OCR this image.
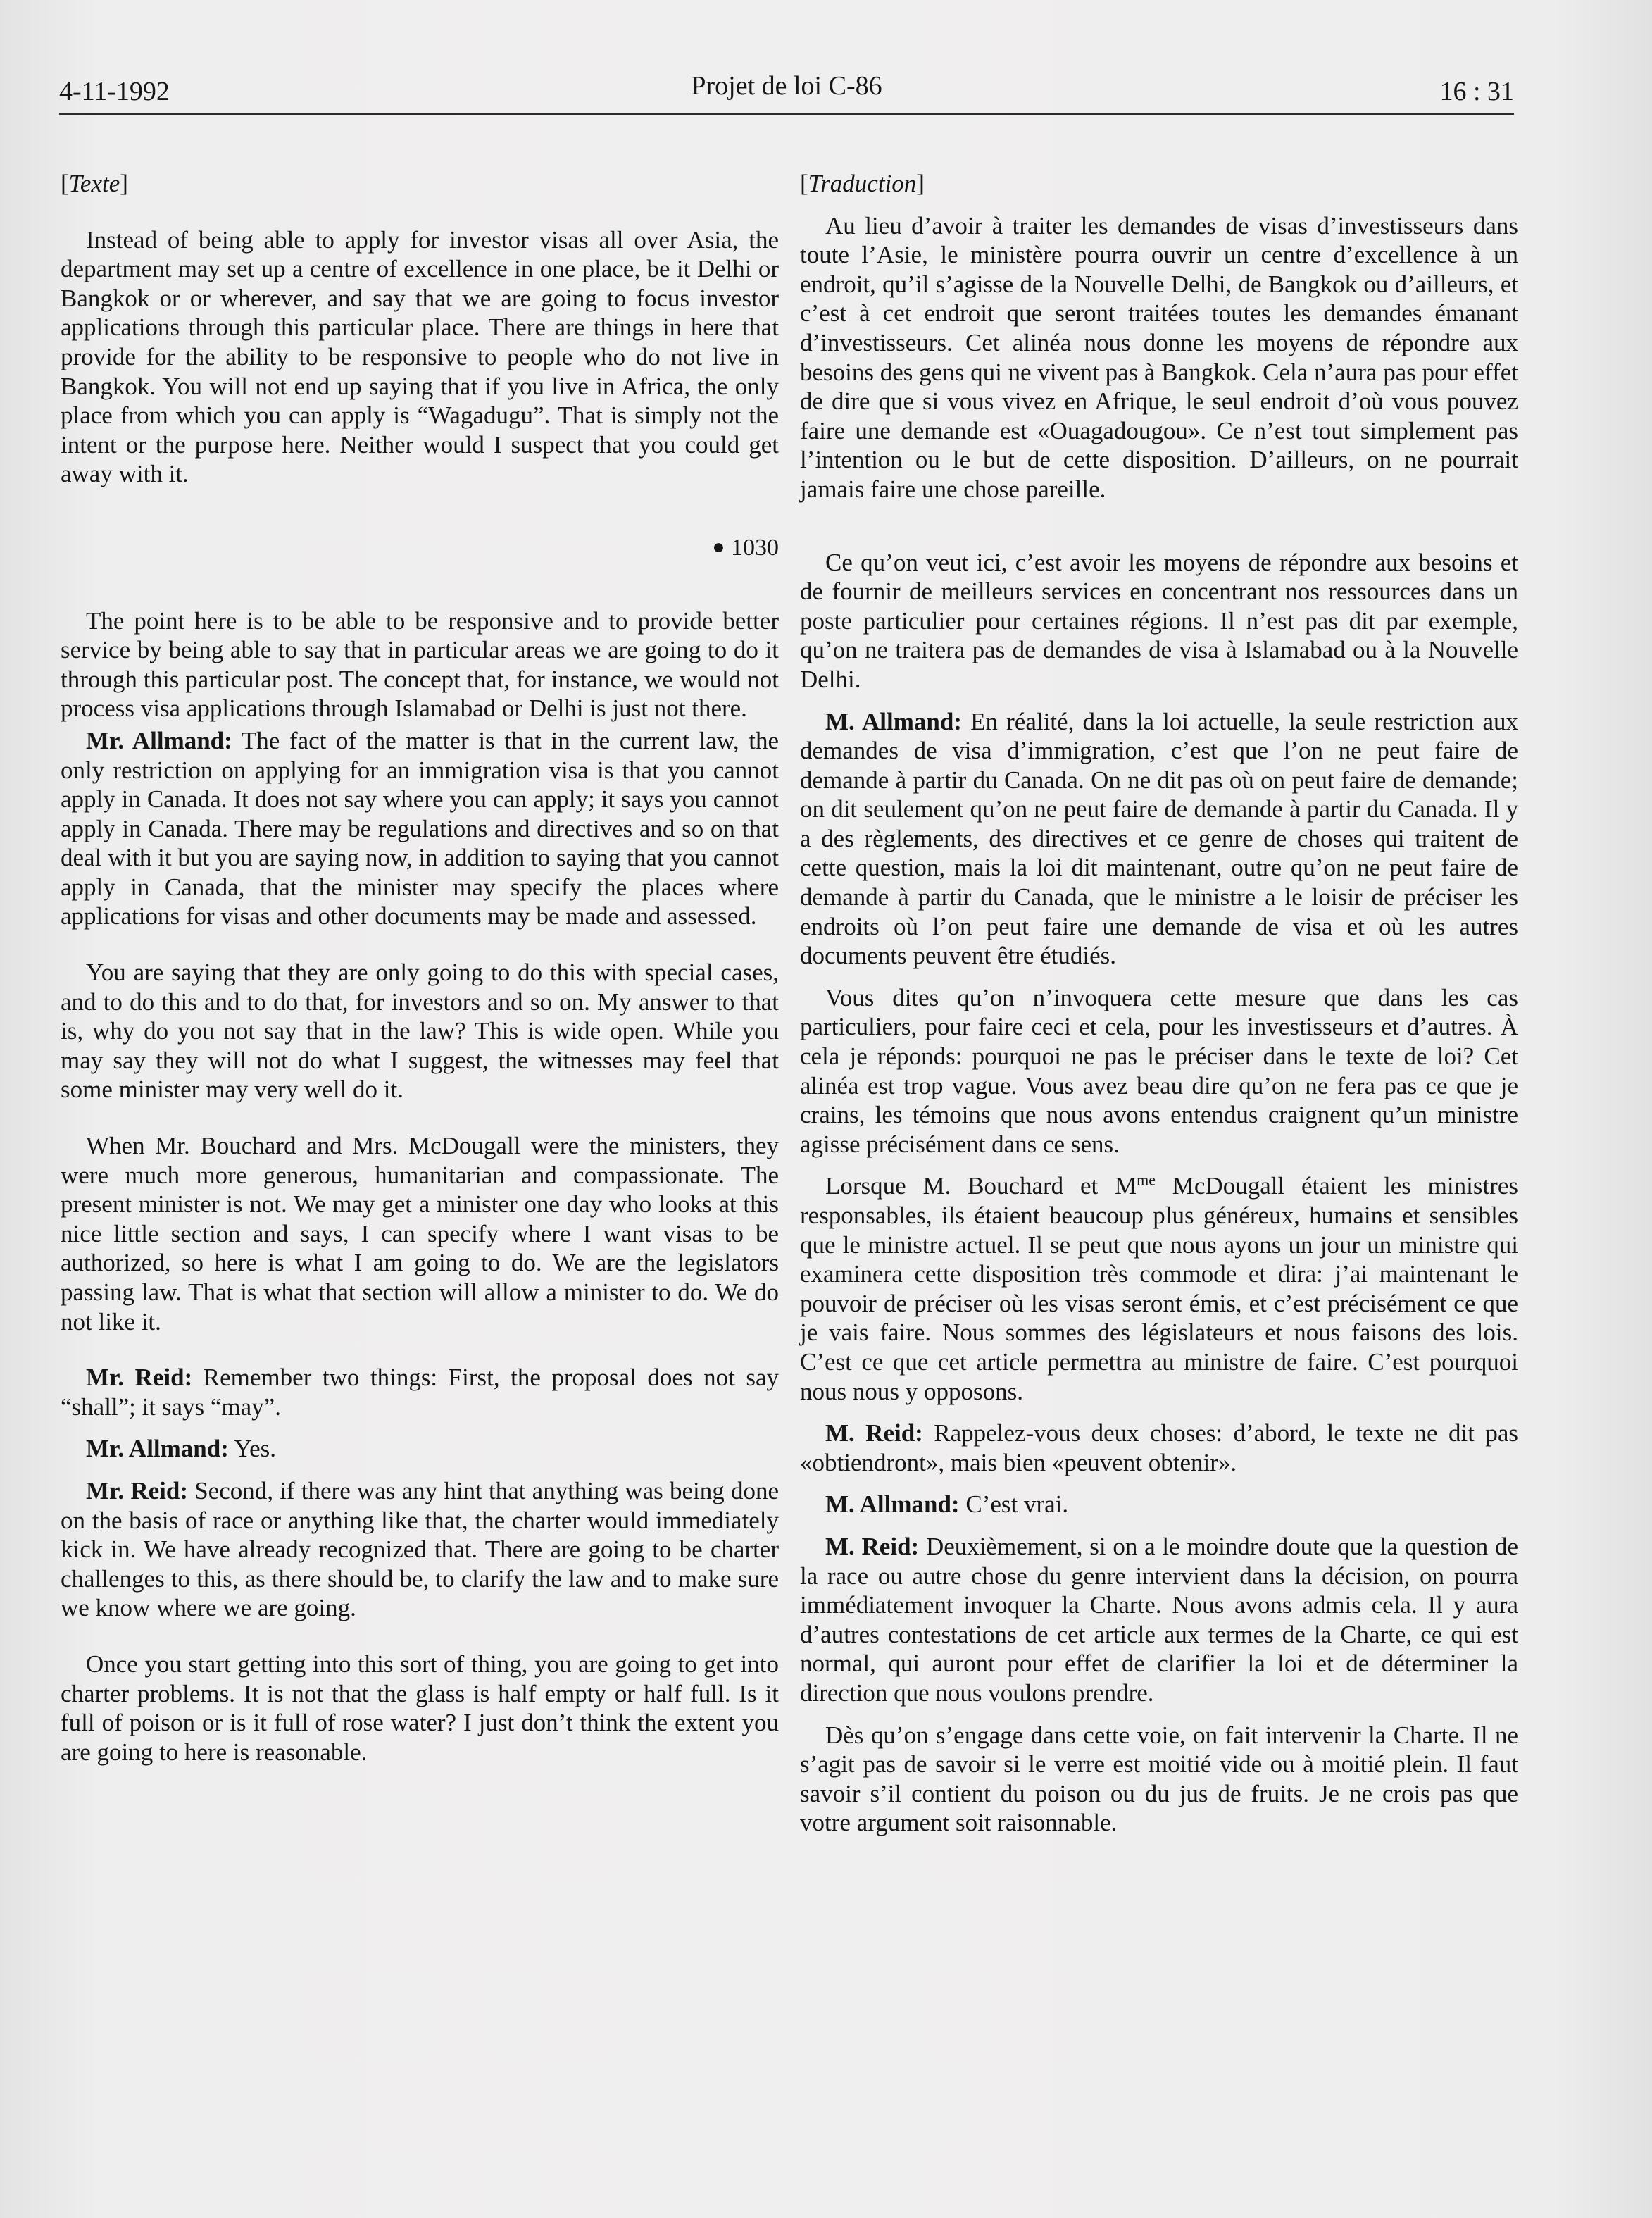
4-11-1992	Projet de loi C-86	16 : 31

[Texte]

Instead of being able to apply for investor visas all over Asia, the department may set up a centre of excellence in one place, be it Delhi or Bangkok or or wherever, and say that we are going to focus investor applications through this particular place. There are things in here that provide for the ability to be responsive to people who do not live in Bangkok. You will not end up saying that if you live in Africa, the only place from which you can apply is “Wagadugu”. That is simply not the intent or the purpose here. Neither would I suspect that you could get away with it.

● 1030

The point here is to be able to be responsive and to provide better service by being able to say that in particular areas we are going to do it through this particular post. The concept that, for instance, we would not process visa applications through Islamabad or Delhi is just not there.

Mr. Allmand: The fact of the matter is that in the current law, the only restriction on applying for an immigration visa is that you cannot apply in Canada. It does not say where you can apply; it says you cannot apply in Canada. There may be regulations and directives and so on that deal with it but you are saying now, in addition to saying that you cannot apply in Canada, that the minister may specify the places where applications for visas and other documents may be made and assessed.

You are saying that they are only going to do this with special cases, and to do this and to do that, for investors and so on. My answer to that is, why do you not say that in the law? This is wide open. While you may say they will not do what I suggest, the witnesses may feel that some minister may very well do it.

When Mr. Bouchard and Mrs. McDougall were the ministers, they were much more generous, humanitarian and compassionate. The present minister is not. We may get a minister one day who looks at this nice little section and says, I can specify where I want visas to be authorized, so here is what I am going to do. We are the legislators passing law. That is what that section will allow a minister to do. We do not like it.

Mr. Reid: Remember two things: First, the proposal does not say “shall”; it says “may”.

Mr. Allmand: Yes.

Mr. Reid: Second, if there was any hint that anything was being done on the basis of race or anything like that, the charter would immediately kick in. We have already recognized that. There are going to be charter challenges to this, as there should be, to clarify the law and to make sure we know where we are going.

Once you start getting into this sort of thing, you are going to get into charter problems. It is not that the glass is half empty or half full. Is it full of poison or is it full of rose water? I just don’t think the extent you are going to here is reasonable.

[Traduction]

Au lieu d’avoir à traiter les demandes de visas d’investisseurs dans toute l’Asie, le ministère pourra ouvrir un centre d’excellence à un endroit, qu’il s’agisse de la Nouvelle Delhi, de Bangkok ou d’ailleurs, et c’est à cet endroit que seront traitées toutes les demandes émanant d’investisseurs. Cet alinéa nous donne les moyens de répondre aux besoins des gens qui ne vivent pas à Bangkok. Cela n’aura pas pour effet de dire que si vous vivez en Afrique, le seul endroit d’où vous pouvez faire une demande est «Ouagadougou». Ce n’est tout simplement pas l’intention ou le but de cette disposition. D’ailleurs, on ne pourrait jamais faire une chose pareille.

Ce qu’on veut ici, c’est avoir les moyens de répondre aux besoins et de fournir de meilleurs services en concentrant nos ressources dans un poste particulier pour certaines régions. Il n’est pas dit par exemple, qu’on ne traitera pas de demandes de visa à Islamabad ou à la Nouvelle Delhi.

M. Allmand: En réalité, dans la loi actuelle, la seule restriction aux demandes de visa d’immigration, c’est que l’on ne peut faire de demande à partir du Canada. On ne dit pas où on peut faire de demande; on dit seulement qu’on ne peut faire de demande à partir du Canada. Il y a des règlements, des directives et ce genre de choses qui traitent de cette question, mais la loi dit maintenant, outre qu’on ne peut faire de demande à partir du Canada, que le ministre a le loisir de préciser les endroits où l’on peut faire une demande de visa et où les autres documents peuvent être étudiés.

Vous dites qu’on n’invoquera cette mesure que dans les cas particuliers, pour faire ceci et cela, pour les investisseurs et d’autres. À cela je réponds: pourquoi ne pas le préciser dans le texte de loi? Cet alinéa est trop vague. Vous avez beau dire qu’on ne fera pas ce que je crains, les témoins que nous avons entendus craignent qu’un ministre agisse précisément dans ce sens.

Lorsque M. Bouchard et $M^{me}$ McDougall étaient les ministres responsables, ils étaient beaucoup plus généreux, humains et sensibles que le ministre actuel. Il se peut que nous ayons un jour un ministre qui examinera cette disposition très commode et dira: j’ai maintenant le pouvoir de préciser où les visas seront émis, et c’est précisément ce que je vais faire. Nous sommes des législateurs et nous faisons des lois. C’est ce que cet article permettra au ministre de faire. C’est pourquoi nous nous y opposons.

M. Reid: Rappelez-vous deux choses: d’abord, le texte ne dit pas «obtiendront», mais bien «peuvent obtenir».

M. Allmand: C’est vrai.

M. Reid: Deuxièmement, si on a le moindre doute que la question de la race ou autre chose du genre intervient dans la décision, on pourra immédiatement invoquer la Charte. Nous avons admis cela. Il y aura d’autres contestations de cet article aux termes de la Charte, ce qui est normal, qui auront pour effet de clarifier la loi et de déterminer la direction que nous voulons prendre.

Dès qu’on s’engage dans cette voie, on fait intervenir la Charte. Il ne s’agit pas de savoir si le verre est moitié vide ou à moitié plein. Il faut savoir s’il contient du poison ou du jus de fruits. Je ne crois pas que votre argument soit raisonnable.
